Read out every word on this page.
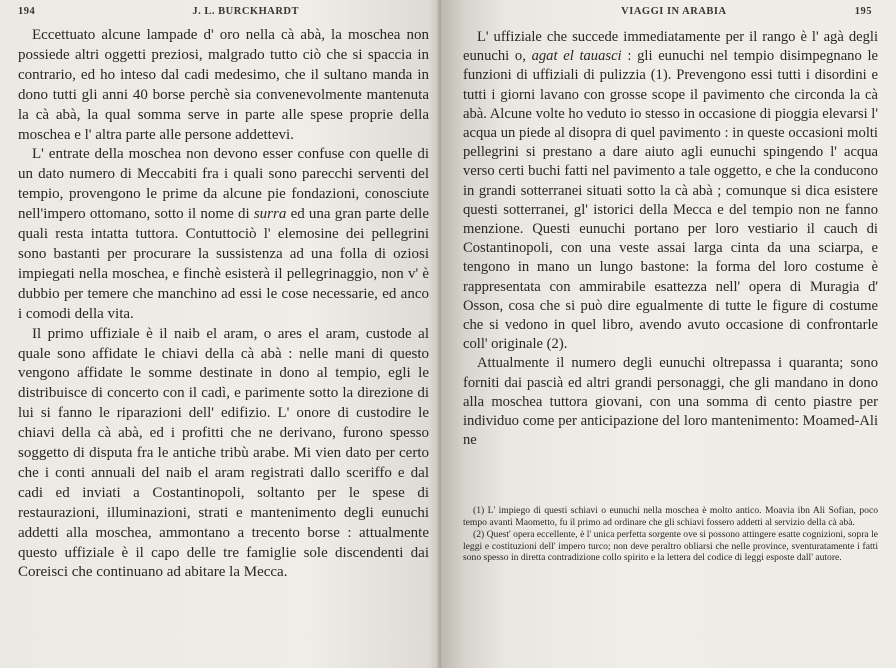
194	J. L. BURCKHARDT

Eccettuato alcune lampade d' oro nella cà abà, la moschea non possiede altri oggetti preziosi, malgrado tutto ciò che si spaccia in contrario, ed ho inteso dal cadi medesimo, che il sultano manda in dono tutti gli anni 40 borse perchè sia convenevolmente mantenuta la cà abà, la qual somma serve in parte alle spese proprie della moschea e l' altra parte alle persone addettevi.

L' entrate della moschea non devono esser confuse con quelle di un dato numero di Meccabiti fra i quali sono parecchi serventi del tempio, provengono le prime da alcune pie fondazioni, conosciute nell'impero ottomano, sotto il nome di surra ed una gran parte delle quali resta intatta tuttora. Contuttociò l' elemosine dei pellegrini sono bastanti per procurare la sussistenza ad una folla di oziosi impiegati nella moschea, e finchè esisterà il pellegrinaggio, non v' è dubbio per temere che manchino ad essi le cose necessarie, ed anco i comodi della vita.

Il primo uffiziale è il naib el aram, o ares el aram, custode al quale sono affidate le chiavi della cà abà : nelle mani di questo vengono affidate le somme destinate in dono al tempio, egli le distribuisce di concerto con il cadì, e parimente sotto la direzione di lui si fanno le riparazioni dell' edifizio. L' onore di custodire le chiavi della cà abà, ed i profitti che ne derivano, furono spesso soggetto di disputa fra le antiche tribù arabe. Mi vien dato per certo che i conti annuali del naib el aram registrati dallo sceriffo e dal cadi ed inviati a Costantinopoli, soltanto per le spese di restaurazioni, illuminazioni, strati e mantenimento degli eunuchi addetti alla moschea, ammontano a trecento borse : attualmente questo uffiziale è il capo delle tre famiglie sole discendenti dai Coreisci che continuano ad abitare la Mecca.

VIAGGI IN ARABIA	195

L' uffiziale che succede immediatamente per il rango è l' agà degli eunuchi o, agat el tauasci : gli eunuchi nel tempio disimpegnano le funzioni di uffiziali di pulizzia (1). Prevengono essi tutti i disordini e tutti i giorni lavano con grosse scope il pavimento che circonda la cà abà. Alcune volte ho veduto io stesso in occasione di pioggia elevarsi l' acqua un piede al disopra di quel pavimento : in queste occasioni molti pellegrini si prestano a dare aiuto agli eunuchi spingendo l' acqua verso certi buchi fatti nel pavimento a tale oggetto, e che la conducono in grandi sotterranei situati sotto la cà abà ; comunque si dica esistere questi sotterranei, gl' istorici della Mecca e del tempio non ne fanno menzione. Questi eunuchi portano per loro vestiario il cauch di Costantinopoli, con una veste assai larga cinta da una sciarpa, e tengono in mano un lungo bastone: la forma del loro costume è rappresentata con ammirabile esattezza nell' opera di Muragia d' Osson, cosa che si può dire egualmente di tutte le figure di costume che si vedono in quel libro, avendo avuto occasione di confrontarle coll' originale (2).

Attualmente il numero degli eunuchi oltrepassa i quaranta; sono forniti dai pascià ed altri grandi personaggi, che gli mandano in dono alla moschea tuttora giovani, con una somma di cento piastre per individuo come per anticipazione del loro mantenimento: Moamed-Ali ne

(1) L' impiego di questi schiavi o eunuchi nella moschea è molto antico. Moavia ibn Ali Sofian, poco tempo avanti Maometto, fu il primo ad ordinare che gli schiavi fossero addetti al servizio della cà abà.

(2) Quest' opera eccellente, è l' unica perfetta sorgente ove si possono attingere esatte cognizioni, sopra le leggi e costituzioni dell' impero turco; non deve peraltro obliarsi che nelle province, sventuratamente i fatti sono spesso in diretta contradizione collo spirito e la lettera del codice di leggi esposte dall' autore.
